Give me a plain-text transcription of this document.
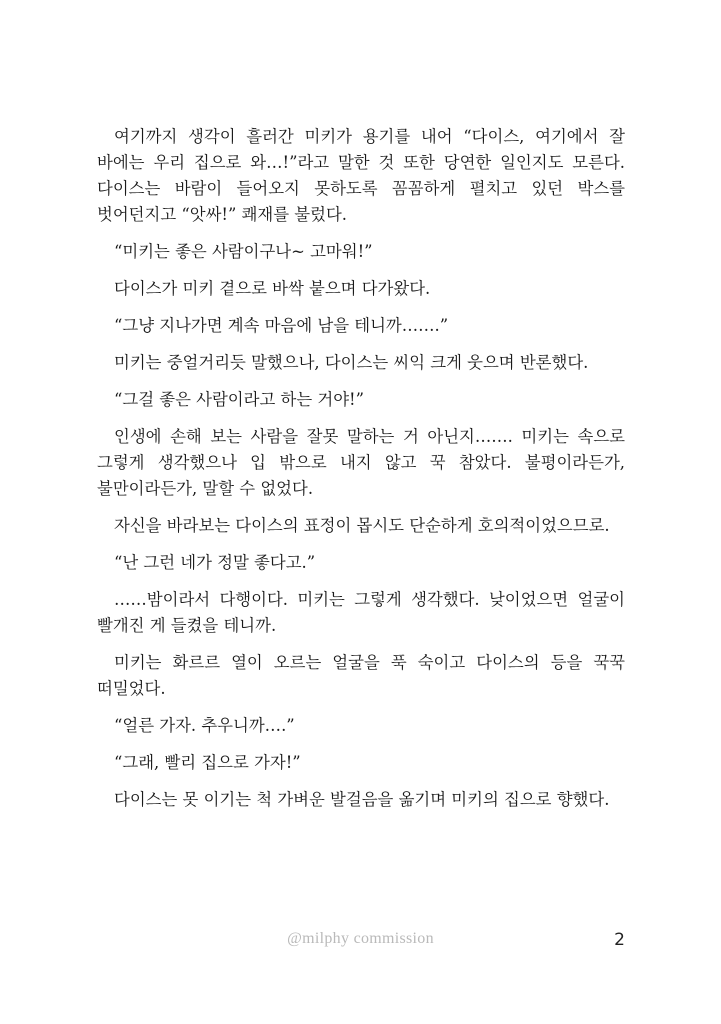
여기까지 생각이 흘러간 미키가 용기를 내어 “다이스, 여기에서 잘 바에는 우리 집으로 와…!”라고 말한 것 또한 당연한 일인지도 모른다. 다이스는 바람이 들어오지 못하도록 꼼꼼하게 펼치고 있던 박스를 벗어던지고 “앗싸!” 쾌재를 불렀다.

“미키는 좋은 사람이구나~ 고마워!”

다이스가 미키 곁으로 바싹 붙으며 다가왔다.

“그냥 지나가면 계속 마음에 남을 테니까…….”

미키는 중얼거리듯 말했으나, 다이스는 씨익 크게 웃으며 반론했다.

“그걸 좋은 사람이라고 하는 거야!”

인생에 손해 보는 사람을 잘못 말하는 거 아닌지……. 미키는 속으로 그렇게 생각했으나 입 밖으로 내지 않고 꾹 참았다. 불평이라든가, 불만이라든가, 말할 수 없었다.

자신을 바라보는 다이스의 표정이 몹시도 단순하게 호의적이었으므로.

“난 그런 네가 정말 좋다고.”

……밤이라서 다행이다. 미키는 그렇게 생각했다. 낮이었으면 얼굴이 빨개진 게 들켰을 테니까.

미키는 화르르 열이 오르는 얼굴을 푹 숙이고 다이스의 등을 꾹꾹 떠밀었다.

“얼른 가자. 추우니까….”

“그래, 빨리 집으로 가자!”

다이스는 못 이기는 척 가벼운 발걸음을 옮기며 미키의 집으로 향했다.

@milphy commission	2
